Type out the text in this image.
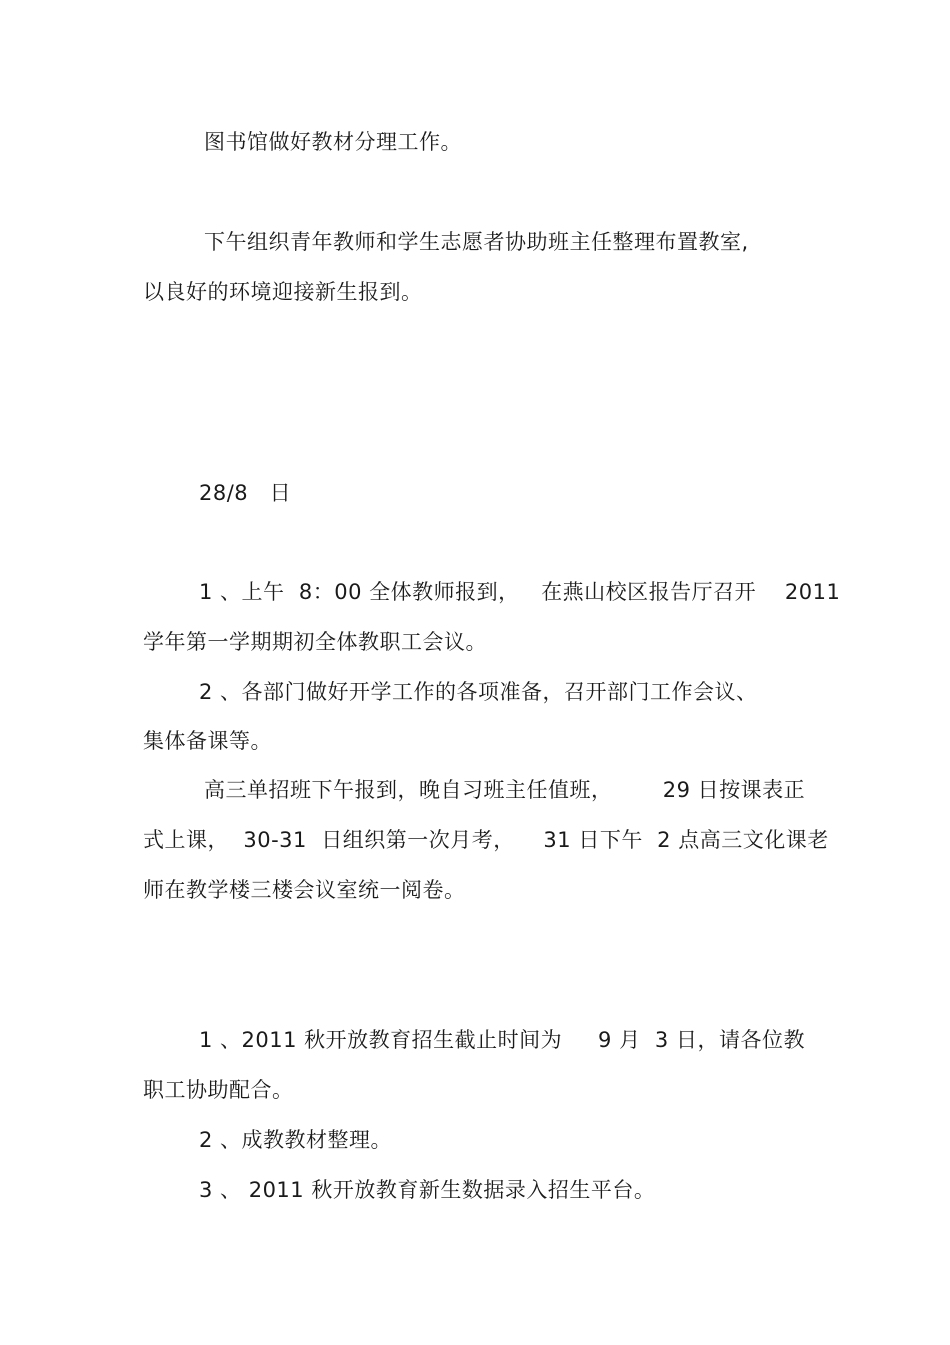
图书馆做好教材分理工作。
下午组织青年教师和学生志愿者协助班主任整理布置教室,
以良好的环境迎接新生报到。
28/8   日
1 、上午  8：00 全体教师报到，   在燕山校区报告厅召开    2011
学年第一学期期初全体教职工会议。
2 、各部门做好开学工作的各项准备，召开部门工作会议、
集体备课等。
高三单招班下午报到，晚自习班主任值班，       29 日按课表正
式上课，  30-31  日组织第一次月考，    31 日下午  2 点高三文化课老
师在教学楼三楼会议室统一阅卷。
1 、2011 秋开放教育招生截止时间为     9 月  3 日，请各位教
职工协助配合。
2 、成教教材整理。
3 、 2011 秋开放教育新生数据录入招生平台。
